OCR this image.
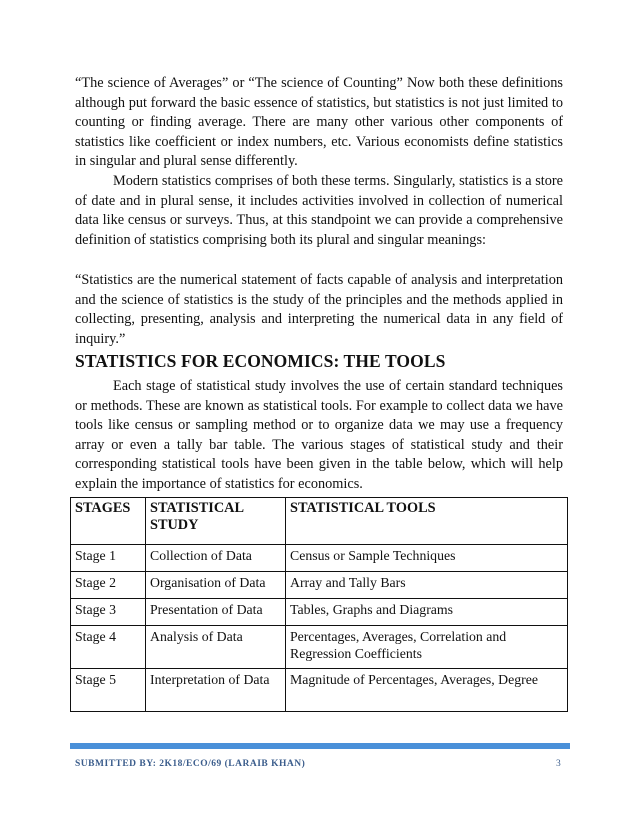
“The science of Averages” or “The science of Counting” Now both these definitions although put forward the basic essence of statistics, but statistics is not just limited to counting or finding average. There are many other various other components of statistics like coefficient or index numbers, etc. Various economists define statistics in singular and plural sense differently.

Modern statistics comprises of both these terms. Singularly, statistics is a store of date and in plural sense, it includes activities involved in collection of numerical data like census or surveys. Thus, at this standpoint we can provide a comprehensive definition of statistics comprising both its plural and singular meanings:

“Statistics are the numerical statement of facts capable of analysis and interpretation and the science of statistics is the study of the principles and the methods applied in collecting, presenting, analysis and interpreting the numerical data in any field of inquiry.”

STATISTICS FOR ECONOMICS: THE TOOLS

Each stage of statistical study involves the use of certain standard techniques or methods. These are known as statistical tools. For example to collect data we have tools like census or sampling method or to organize data we may use a frequency array or even a tally bar table. The various stages of statistical study and their corresponding statistical tools have been given in the table below, which will help explain the importance of statistics for economics.

STAGES	STATISTICAL STUDY	STATISTICAL TOOLS
Stage 1	Collection of Data	Census or Sample Techniques
Stage 2	Organisation of Data	Array and Tally Bars
Stage 3	Presentation of Data	Tables, Graphs and Diagrams
Stage 4	Analysis of Data	Percentages, Averages, Correlation and Regression Coefficients
Stage 5	Interpretation of Data	Magnitude of Percentages, Averages, Degree
SUBMITTED BY: 2K18/ECO/69 (LARAIB KHAN)	3
